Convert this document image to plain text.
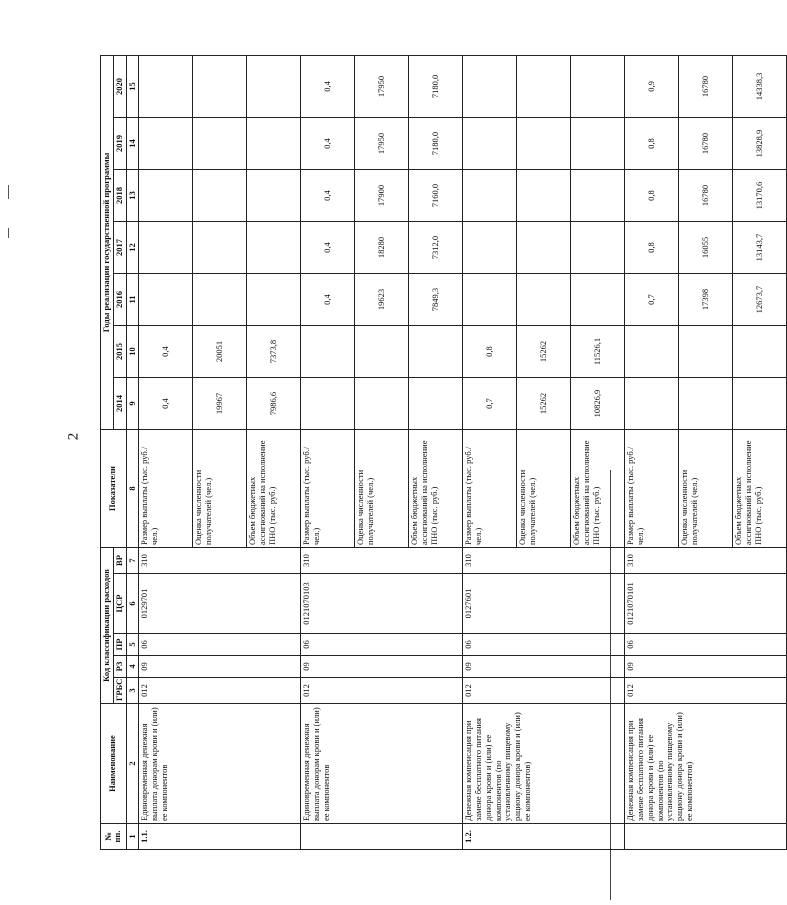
2
№ пп.	Наименование	Код классификации расходов					Показатели	Годы реализации государственной программы						
		ГРБС	РЗ	ПР	ЦСР	ВР		2014	2015	2016	2017	2018	2019	2020

1	2	3	4	5	6	7	8	9	10	11	12	13	14	15
1.1.	Единовременная денежная выплата донорам крови и (или) ее компонентов	012	09	06	0129701	310	Размер выплаты (тыс. руб./чел.)	0,4	0,4					
							Оценка численности получателей (чел.)	19967	20051					
							Объем бюджетных ассигнований на исполнение ПНО (тыс. руб.)	7986,6	7373,8					
	Единовременная денежная выплата донорам крови и (или) ее компонентов	012	09	06	0121070103	310	Размер выплаты (тыс. руб./чел.)			0,4	0,4	0,4	0,4	0,4
							Оценка численности получателей (чел.)			19623	18280	17900	17950	17950
							Объем бюджетных ассигнований на исполнение ПНО (тыс. руб.)			7849,3	7312,0	7160,0	7180,0	7180,0
1.2.	Денежная компенсация при замене бесплатного питания донора крови и (или) ее компонентов (по установленному пищевому рациону донора крови и (или) ее компонентов)	012	09	06	0127601	310	Размер выплаты (тыс. руб./чел.)	0,7	0,8					
							Оценка численности получателей (чел.)	15262	15262					
							Объем бюджетных ассигнований на исполнение ПНО (тыс. руб.)	10826,9	11526,1					
	Денежная компенсация при замене бесплатного питания донора крови и (или) ее компонентов (по установленному пищевому рациону донора крови и (или) ее компонентов)	012	09	06	0121070101	310	Размер выплаты (тыс. руб./чел.)			0,7	0,8	0,8	0,8	0,9
							Оценка численности получателей (чел.)			17398	16055	16780	16780	16780
							Объем бюджетных ассигнований на исполнение ПНО (тыс. руб.)			12673,7	13143,7	13170,6	13828,9	14338,3
